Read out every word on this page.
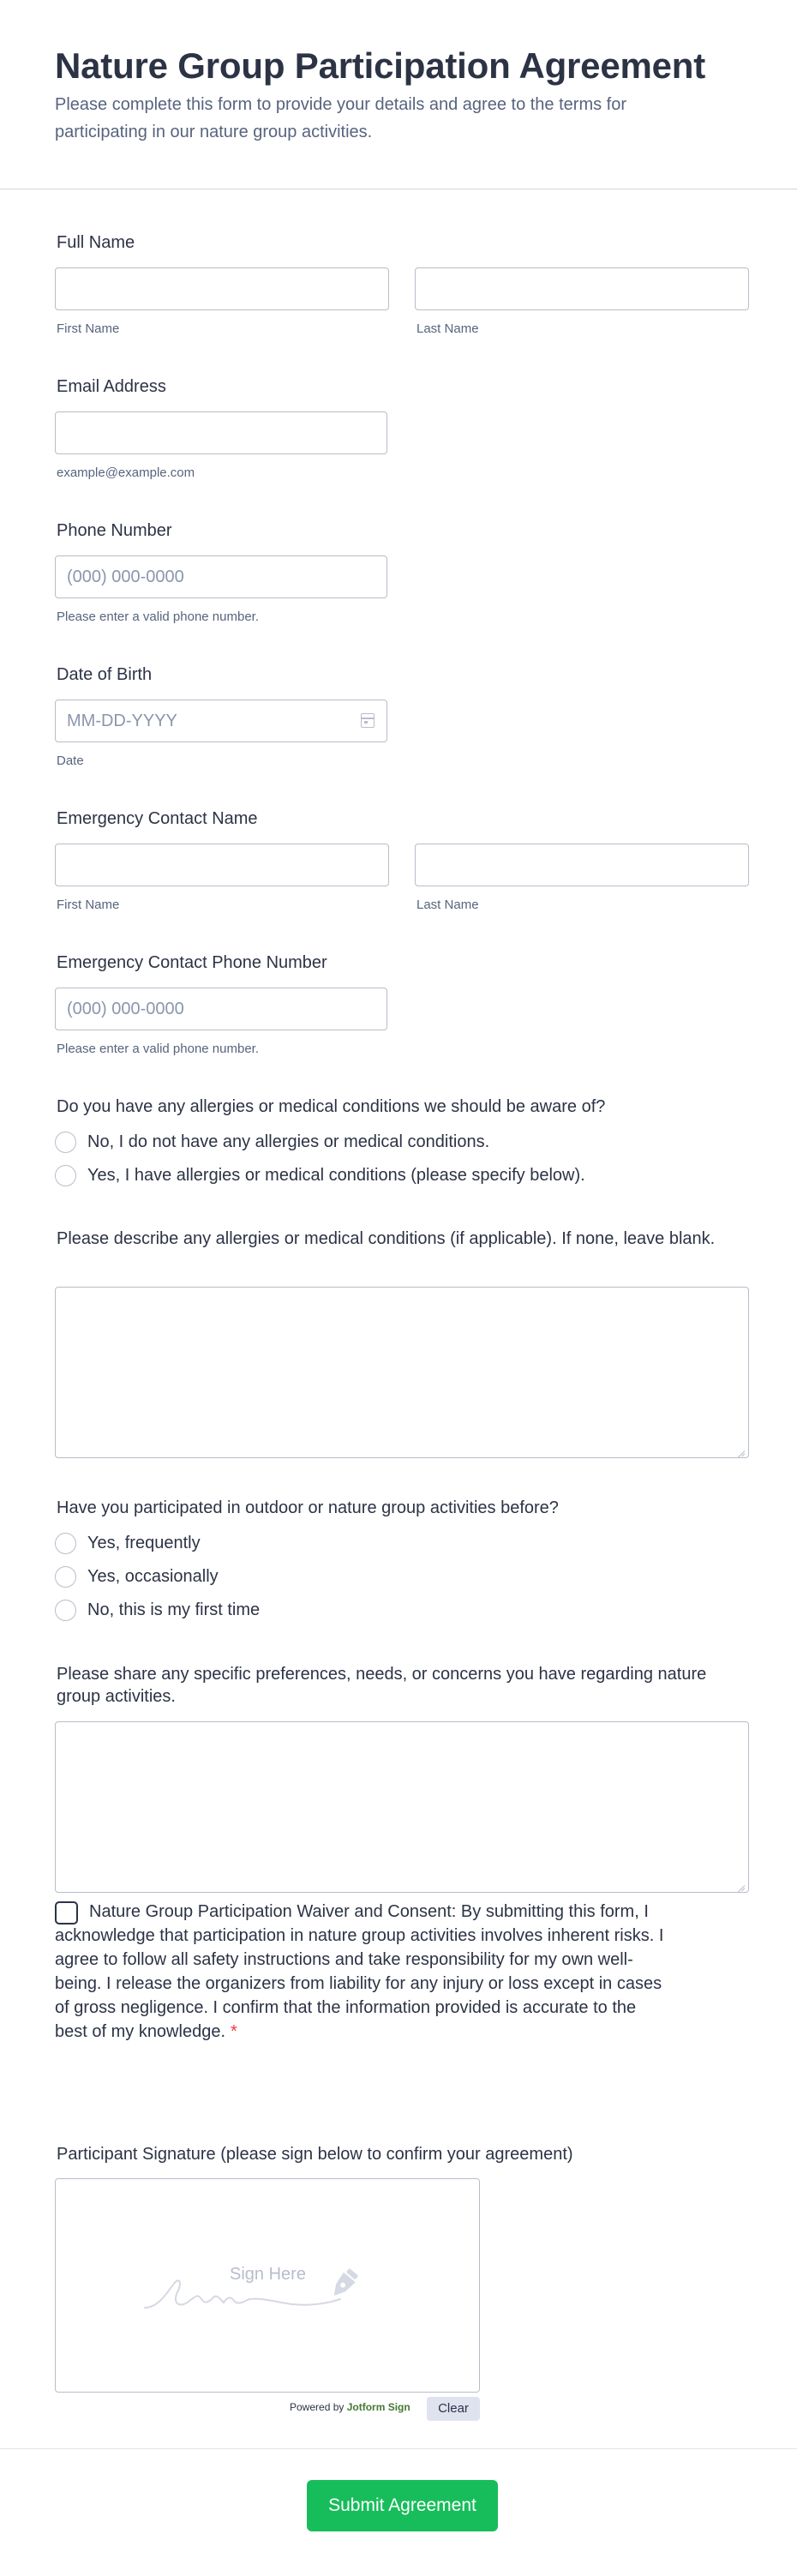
Nature Group Participation Agreement

Please complete this form to provide your details and agree to the terms for participating in our nature group activities.

Full Name
First Name	Last Name
Email Address
example@example.com
Phone Number
(000) 000-0000
Please enter a valid phone number.
Date of Birth
MM-DD-YYYY
Date
Emergency Contact Name
First Name	Last Name
Emergency Contact Phone Number
(000) 000-0000
Please enter a valid phone number.
Do you have any allergies or medical conditions we should be aware of?
No, I do not have any allergies or medical conditions.
Yes, I have allergies or medical conditions (please specify below).
Please describe any allergies or medical conditions (if applicable). If none, leave blank.
Have you participated in outdoor or nature group activities before?
Yes, frequently
Yes, occasionally
No, this is my first time
Please share any specific preferences, needs, or concerns you have regarding nature group activities.

Nature Group Participation Waiver and Consent: By submitting this form, I acknowledge that participation in nature group activities involves inherent risks. I agree to follow all safety instructions and take responsibility for my own well-being. I release the organizers from liability for any injury or loss except in cases of gross negligence. I confirm that the information provided is accurate to the best of my knowledge. *

Participant Signature (please sign below to confirm your agreement)
Sign Here
Powered by Jotform Sign	Clear
Submit Agreement
